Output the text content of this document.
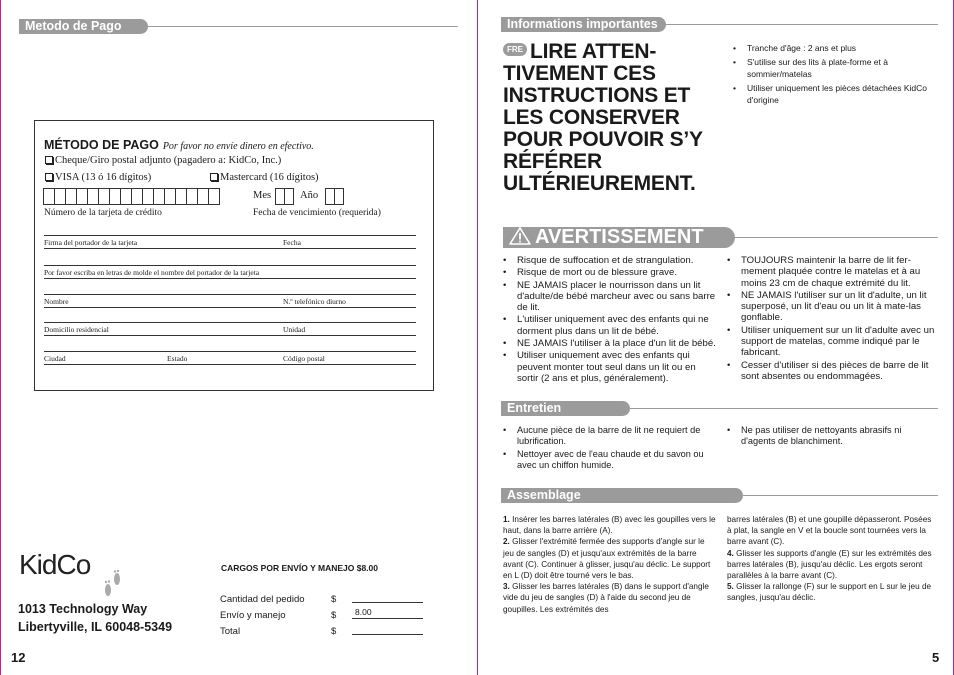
Metodo de Pago
MÉTODO DE PAGO Por favor no envíe dinero en efectivo.
Cheque/Giro postal adjunto (pagadero a: KidCo, Inc.)
VISA (13 ó 16 dígitos)	Mastercard (16 dígitos)
Mes	Año
Número de la tarjeta de crédito	Fecha de vencimiento (requerida)
Firma del portador de la tarjeta	Fecha
Por favor escriba en letras de molde el nombre del portador de la tarjeta
Nombre	N.º telefónico diurno
Domicilio residencial	Unidad
Ciudad	Estado	Código postal
KidCo
1013 Technology Way
Libertyville, IL 60048-5349
CARGOS POR ENVÍO Y MANEJO $8.00
Cantidad del pedido	$
Envío y manejo	$ 8.00
Total	$
12
Informations importantes
LIRE ATTEN-TIVEMENT CES INSTRUCTIONS ET LES CONSERVER POUR POUVOIR S’Y RÉFÉRER ULTÉRIEUREMENT.
FRE
•	Tranche d'âge : 2 ans et plus
• S'utilise sur des lits à plate-forme et à sommier/matelas
• Utiliser uniquement les pièces détachées KidCo d'origine
AVERTISSEMENT
• Risque de suffocation et de strangulation.
• Risque de mort ou de blessure grave.
• NE JAMAIS placer le nourrisson dans un lit d'adulte/de bébé marcheur avec ou sans barre de lit.
• L'utiliser uniquement avec des enfants qui ne dorment plus dans un lit de bébé.
• NE JAMAIS l'utiliser à la place d'un lit de bébé.
• Utiliser uniquement avec des enfants qui peuvent monter tout seul dans un lit ou en sortir (2 ans et plus, généralement).
• TOUJOURS maintenir la barre de lit fer-mement plaquée contre le matelas et à au moins 23 cm de chaque extrémité du lit.
• NE JAMAIS l'utiliser sur un lit d'adulte, un lit superposé, un lit d'eau ou un lit à mate-las gonflable.
• Utiliser uniquement sur un lit d'adulte avec un support de matelas, comme indiqué par le fabricant.
• Cesser d'utiliser si des pièces de barre de lit sont absentes ou endommagées.
Entretien
• Aucune pièce de la barre de lit ne requiert de lubrification.
• Nettoyer avec de l'eau chaude et du savon ou avec un chiffon humide.
• Ne pas utiliser de nettoyants abrasifs ni d'agents de blanchiment.
Assemblage
1. Insérer les barres latérales (B) avec les goupilles vers le haut, dans la barre arrière (A).
2. Glisser l'extrémité fermée des supports d'angle sur le jeu de sangles (D) et jusqu'aux extrémités de la barre avant (C). Continuer à glisser, jusqu'au déclic. Le support en L (D) doit être tourné vers le bas.
3. Glisser les barres latérales (B) dans le support d'angle vide du jeu de sangles (D) à l'aide du second jeu de goupilles. Les extrémités des
barres latérales (B) et une goupille dépasseront. Posées à plat, la sangle en V et la boucle sont tournées vers la barre avant (C).
4. Glisser les supports d'angle (E) sur les extrémités des barres latérales (B), jusqu'au déclic. Les ergots seront parallèles à la barre avant (C).
5. Glisser la rallonge (F) sur le support en L sur le jeu de sangles, jusqu'au déclic.
5
